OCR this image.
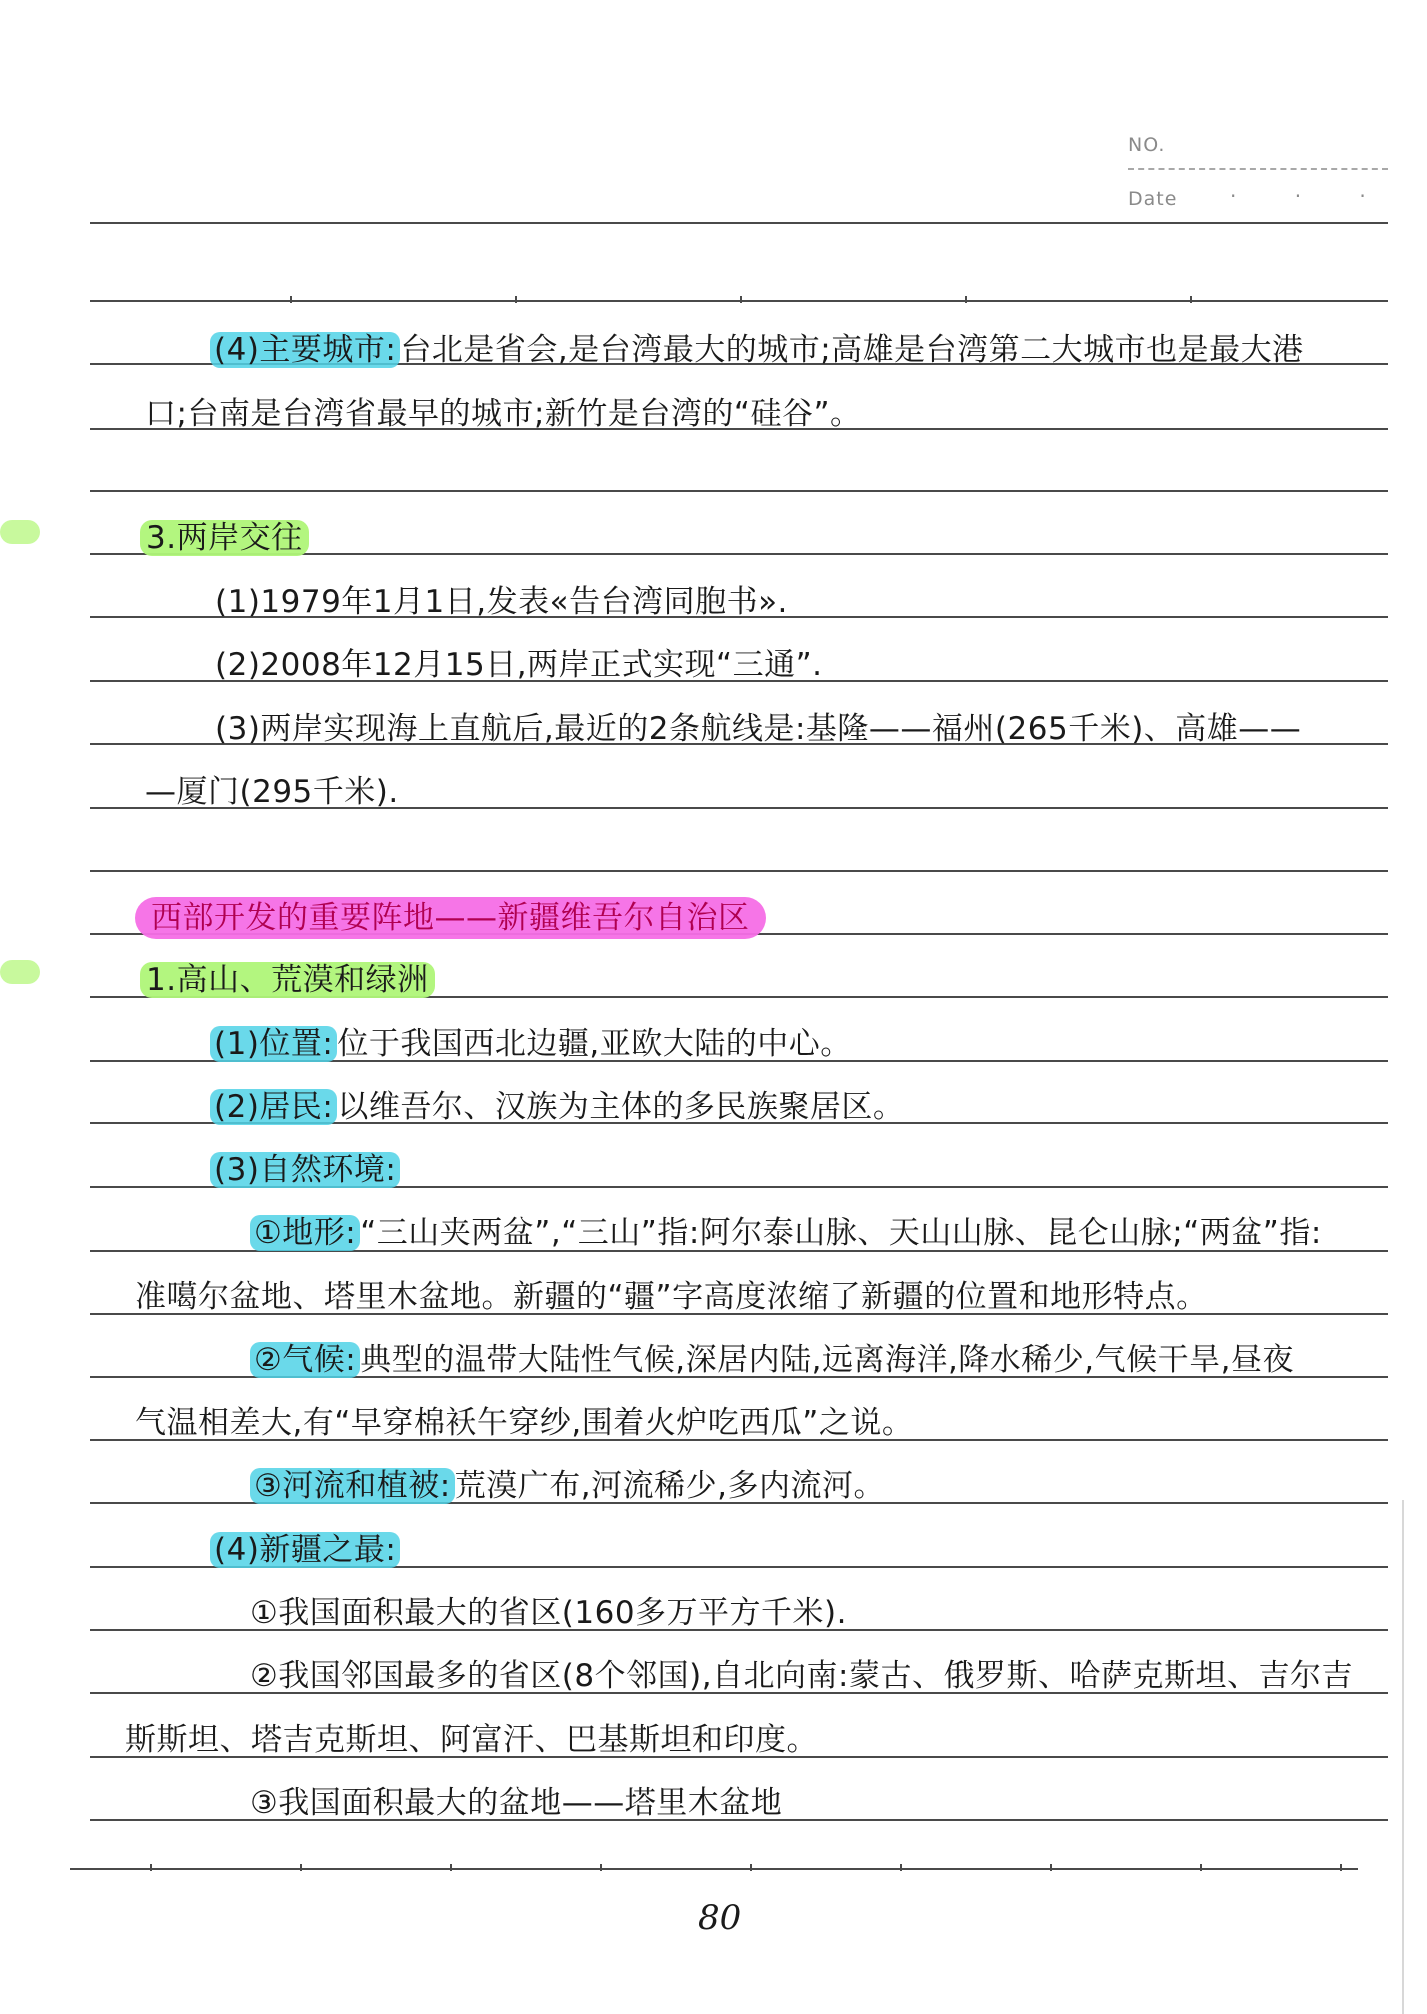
NO.
Date	· · ·
(4)主要城市: 台北是省会,是台湾最大的城市;高雄是台湾第二大城市也是最大港
口;台南是台湾省最早的城市;新竹是台湾的“硅谷”。
3.两岸交往
(1)1979年1月1日,发表«告台湾同胞书».
(2)2008年12月15日,两岸正式实现“三通”.
(3)两岸实现海上直航后,最近的2条航线是:基隆——福州(265千米)、高雄——
—厦门(295千米).
西部开发的重要阵地——新疆维吾尔自治区
1.高山、荒漠和绿洲
(1)位置: 位于我国西北边疆,亚欧大陆的中心。
(2)居民: 以维吾尔、汉族为主体的多民族聚居区。
(3)自然环境:
①地形: “三山夹两盆”,“三山”指:阿尔泰山脉、天山山脉、昆仑山脉;“两盆”指:
准噶尔盆地、塔里木盆地。新疆的“疆”字高度浓缩了新疆的位置和地形特点。
②气候: 典型的温带大陆性气候,深居内陆,远离海洋,降水稀少,气候干旱,昼夜
气温相差大,有“早穿棉袄午穿纱,围着火炉吃西瓜”之说。
③河流和植被: 荒漠广布,河流稀少,多内流河。
(4)新疆之最:
①我国面积最大的省区(160多万平方千米).
②我国邻国最多的省区(8个邻国),自北向南:蒙古、俄罗斯、哈萨克斯坦、吉尔吉
斯斯坦、塔吉克斯坦、阿富汗、巴基斯坦和印度。
③我国面积最大的盆地——塔里木盆地
80
